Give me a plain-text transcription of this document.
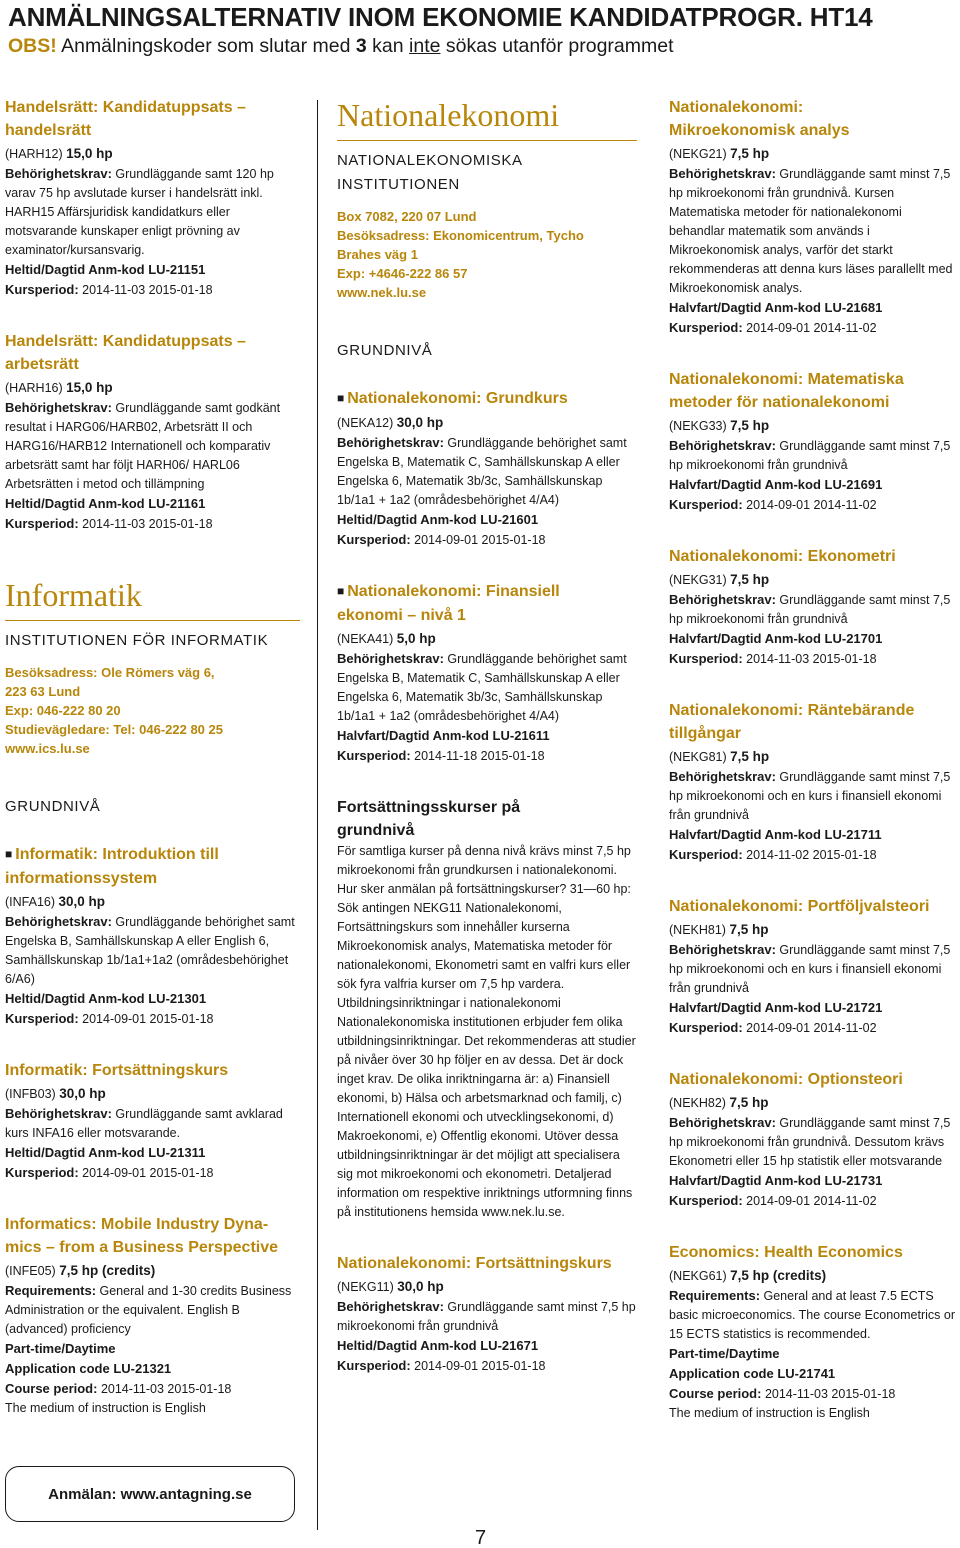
ANMÄLNINGSALTERNATIV INOM EKONOMIE KANDIDATPROGR. HT14
OBS! Anmälningskoder som slutar med 3 kan inte sökas utanför programmet
Handelsrätt: Kandidatuppsats –
handelsrätt
(HARH12) 15,0 hp
Behörighetskrav: Grundläggande samt 120 hp varav 75 hp avslutade kurser i handelsrätt inkl. HARH15 Affärsjuridisk kandidatkurs eller motsvarande kunskaper enligt prövning av examinator/kursansvarig.
Heltid/Dagtid Anm-kod LU-21151
Kursperiod: 2014-11-03 2015-01-18
Handelsrätt: Kandidatuppsats –
arbetsrätt
(HARH16) 15,0 hp
Behörighetskrav: Grundläggande samt godkänt resultat i HARG06/HARB02, Arbetsrätt II och HARG16/HARB12 Internationell och komparativ arbetsrätt samt har följt HARH06/ HARL06 Arbetsrätten i metod och tillämpning
Heltid/Dagtid Anm-kod LU-21161
Kursperiod: 2014-11-03 2015-01-18
Informatik
INSTITUTIONEN FÖR INFORMATIK
Besöksadress: Ole Römers väg 6,
223 63 Lund
Exp: 046-222 80 20
Studievägledare: Tel: 046-222 80 25
www.ics.lu.se
GRUNDNIVÅ
■ Informatik: Introduktion till
informationssystem
(INFA16) 30,0 hp
Behörighetskrav: Grundläggande behörighet samt Engelska B, Samhällskunskap A eller English 6, Samhällskunskap 1b/1a1+1a2 (områdesbehörighet 6/A6)
Heltid/Dagtid Anm-kod LU-21301
Kursperiod: 2014-09-01 2015-01-18
Informatik: Fortsättningskurs
(INFB03) 30,0 hp
Behörighetskrav: Grundläggande samt avklarad kurs INFA16 eller motsvarande.
Heltid/Dagtid Anm-kod LU-21311
Kursperiod: 2014-09-01 2015-01-18
Informatics: Mobile Industry Dyna-
mics – from a Business Perspective
(INFE05) 7,5 hp (credits)
Requirements: General and 1-30 credits Business Administration or the equivalent. English B (advanced) proficiency
Part-time/Daytime
Application code LU-21321
Course period: 2014-11-03 2015-01-18
The medium of instruction is English
Anmälan: www.antagning.se
Nationalekonomi
NATIONALEKONOMISKA
INSTITUTIONEN
Box 7082, 220 07 Lund
Besöksadress: Ekonomicentrum, Tycho
Brahes väg 1
Exp: +4646-222 86 57
www.nek.lu.se
GRUNDNIVÅ
■ Nationalekonomi: Grundkurs
(NEKA12) 30,0 hp
Behörighetskrav: Grundläggande behörighet samt Engelska B, Matematik C, Samhällskunskap A eller Engelska 6, Matematik 3b/3c, Samhällskunskap 1b/1a1 + 1a2 (områdesbehörighet 4/A4)
Heltid/Dagtid Anm-kod LU-21601
Kursperiod: 2014-09-01 2015-01-18
■ Nationalekonomi: Finansiell
ekonomi – nivå 1
(NEKA41) 5,0 hp
Behörighetskrav: Grundläggande behörighet samt Engelska B, Matematik C, Samhällskunskap A eller Engelska 6, Matematik 3b/3c, Samhällskunskap 1b/1a1 + 1a2 (områdesbehörighet 4/A4)
Halvfart/Dagtid Anm-kod LU-21611
Kursperiod: 2014-11-18 2015-01-18
Fortsättningsskurser på
grundnivå
För samtliga kurser på denna nivå krävs minst 7,5 hp mikroekonomi från grundkursen i nationalekonomi. Hur sker anmälan på fortsättningskurser? 31—60 hp: Sök antingen NEKG11 Nationalekonomi, Fortsättningskurs som innehåller kurserna Mikroekonomisk analys, Matematiska metoder för nationalekonomi, Ekonometri samt en valfri kurs eller sök fyra valfria kurser om 7,5 hp vardera. Utbildningsinriktningar i nationalekonomi Nationalekonomiska institutionen erbjuder fem olika utbildningsinriktningar. Det rekommenderas att studier på nivåer över 30 hp följer en av dessa. Det är dock inget krav. De olika inriktningarna är: a) Finansiell ekonomi, b) Hälsa och arbetsmarknad och familj, c) Internationell ekonomi och utvecklingsekonomi, d) Makroekonomi, e) Offentlig ekonomi. Utöver dessa utbildningsinriktningar är det möjligt att specialisera sig mot mikroekonomi och ekonometri. Detaljerad information om respektive inriktnings utformning finns på institutionens hemsida www.nek.lu.se.
Nationalekonomi: Fortsättningskurs
(NEKG11) 30,0 hp
Behörighetskrav: Grundläggande samt minst 7,5 hp mikroekonomi från grundnivå
Heltid/Dagtid Anm-kod LU-21671
Kursperiod: 2014-09-01 2015-01-18
7
Nationalekonomi:
Mikroekonomisk analys
(NEKG21) 7,5 hp
Behörighetskrav: Grundläggande samt minst 7,5 hp mikroekonomi från grundnivå. Kursen Matematiska metoder för nationalekonomi behandlar matematik som används i Mikroekonomisk analys, varför det starkt rekommenderas att denna kurs läses parallellt med Mikroekonomisk analys.
Halvfart/Dagtid Anm-kod LU-21681
Kursperiod: 2014-09-01 2014-11-02
Nationalekonomi: Matematiska
metoder för nationalekonomi
(NEKG33) 7,5 hp
Behörighetskrav: Grundläggande samt minst 7,5 hp mikroekonomi från grundnivå
Halvfart/Dagtid Anm-kod LU-21691
Kursperiod: 2014-09-01 2014-11-02
Nationalekonomi: Ekonometri
(NEKG31) 7,5 hp
Behörighetskrav: Grundläggande samt minst 7,5 hp mikroekonomi från grundnivå
Halvfart/Dagtid Anm-kod LU-21701
Kursperiod: 2014-11-03 2015-01-18
Nationalekonomi: Räntebärande
tillgångar
(NEKG81) 7,5 hp
Behörighetskrav: Grundläggande samt minst 7,5 hp mikroekonomi och en kurs i finansiell ekonomi från grundnivå
Halvfart/Dagtid Anm-kod LU-21711
Kursperiod: 2014-11-02 2015-01-18
Nationalekonomi: Portföljvalsteori
(NEKH81) 7,5 hp
Behörighetskrav: Grundläggande samt minst 7,5 hp mikroekonomi och en kurs i finansiell ekonomi från grundnivå
Halvfart/Dagtid Anm-kod LU-21721
Kursperiod: 2014-09-01 2014-11-02
Nationalekonomi: Optionsteori
(NEKH82) 7,5 hp
Behörighetskrav: Grundläggande samt minst 7,5 hp mikroekonomi från grundnivå. Dessutom krävs Ekonometri eller 15 hp statistik eller motsvarande
Halvfart/Dagtid Anm-kod LU-21731
Kursperiod: 2014-09-01 2014-11-02
Economics: Health Economics
(NEKG61) 7,5 hp (credits)
Requirements: General and at least 7.5 ECTS basic microeconomics. The course Econometrics or 15 ECTS statistics is recommended.
Part-time/Daytime
Application code LU-21741
Course period: 2014-11-03 2015-01-18
The medium of instruction is English
